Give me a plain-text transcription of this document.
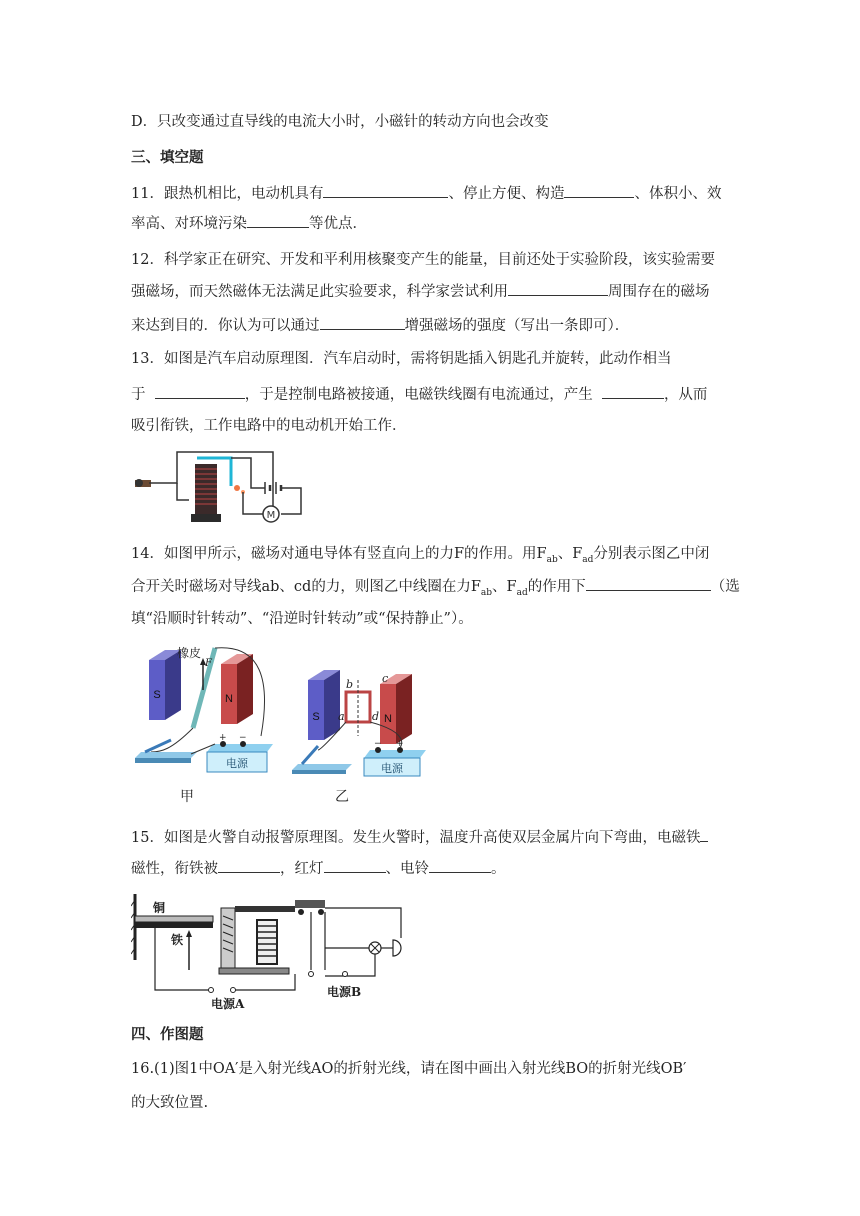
D．只改变通过直导线的电流大小时，小磁针的转动方向也会改变
三、填空题
11．跟热机相比，电动机具有	、停止方便、构造	、体积小、效
率高、对环境污染	等优点．
12．科学家正在研究、开发和平利用核聚变产生的能量，目前还处于实验阶段，该实验需要
强磁场，而天然磁体无法满足此实验要求，科学家尝试利用	周围存在的磁场
来达到目的．你认为可以通过	增强磁场的强度（写出一条即可）．
13．如图是汽车启动原理图．汽车启动时，需将钥匙插入钥匙孔并旋转，此动作相当
于	，于是控制电路被接通，电磁铁线圈有电流通过，产生	，从而
吸引衔铁，工作电路中的电动机开始工作．
M
14．如图甲所示，磁场对通电导体有竖直向上的力F的作用。用$F_{ab}$、$F_{ad}$分别表示图乙中闭
合开关时磁场对导线ab、cd的力，则图乙中线圈在力$F_{ab}$、$F_{ad}$的作用下	（选
填“沿顺时针转动”、“沿逆时针转动”或“保持静止”）。
S	N
F
橡皮
+ −
电源
甲
S	N
b	c
a d
− +
电源
乙
15．如图是火警自动报警原理图。发生火警时，温度升高使双层金属片向下弯曲，电磁铁
磁性，衔铁被	，红灯	、电铃	。
铜
铁
电源B
电源A
四、作图题
16.(1)图1中OA′是入射光线AO的折射光线，请在图中画出入射光线BO的折射光线OB′
的大致位置.
